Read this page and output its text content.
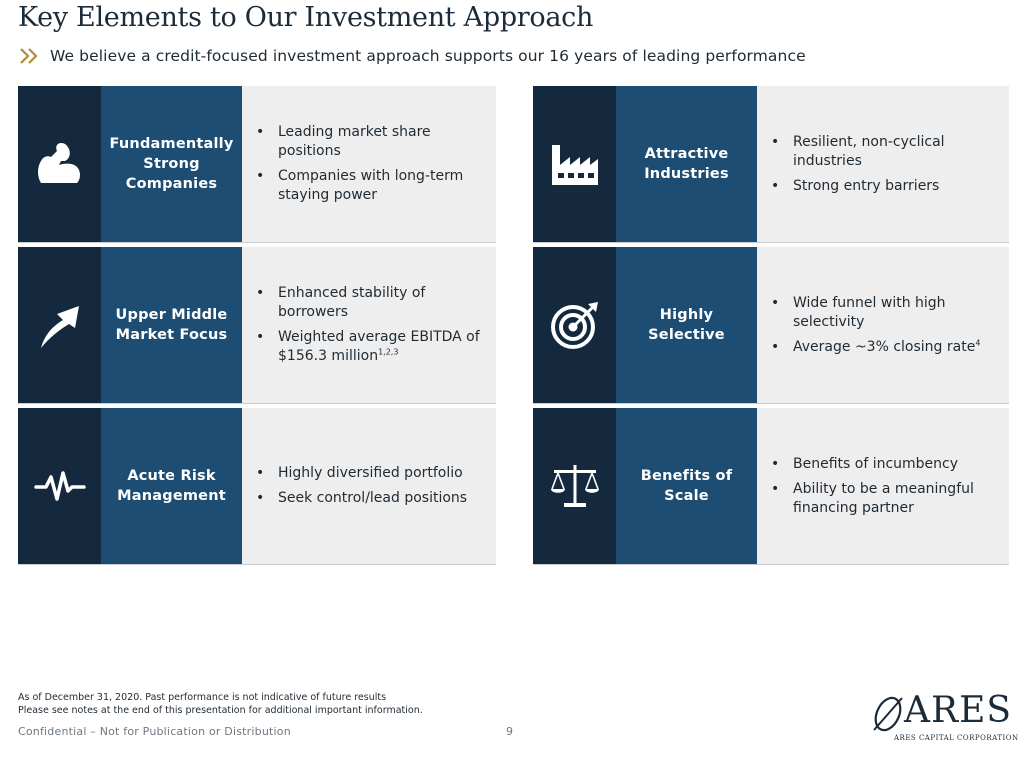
Key Elements to Our Investment Approach
We believe a credit-focused investment approach supports our 16 years of leading performance
Fundamentally Strong Companies
• Leading market share positions
• Companies with long-term staying power
Upper Middle Market Focus
• Enhanced stability of borrowers
• Weighted average EBITDA of $156.3 million$^{1,2,3}$
Acute Risk Management
• Highly diversified portfolio
• Seek control/lead positions
Attractive Industries
• Resilient, non-cyclical industries
• Strong entry barriers
Highly Selective
• Wide funnel with high selectivity
• Average ~3% closing rate$^4$
Benefits of Scale
• Benefits of incumbency
• Ability to be a meaningful financing partner
As of December 31, 2020. Past performance is not indicative of future results
Please see notes at the end of this presentation for additional important information.
Confidential – Not for Publication or Distribution	9
ARES
ARES CAPITAL CORPORATION
